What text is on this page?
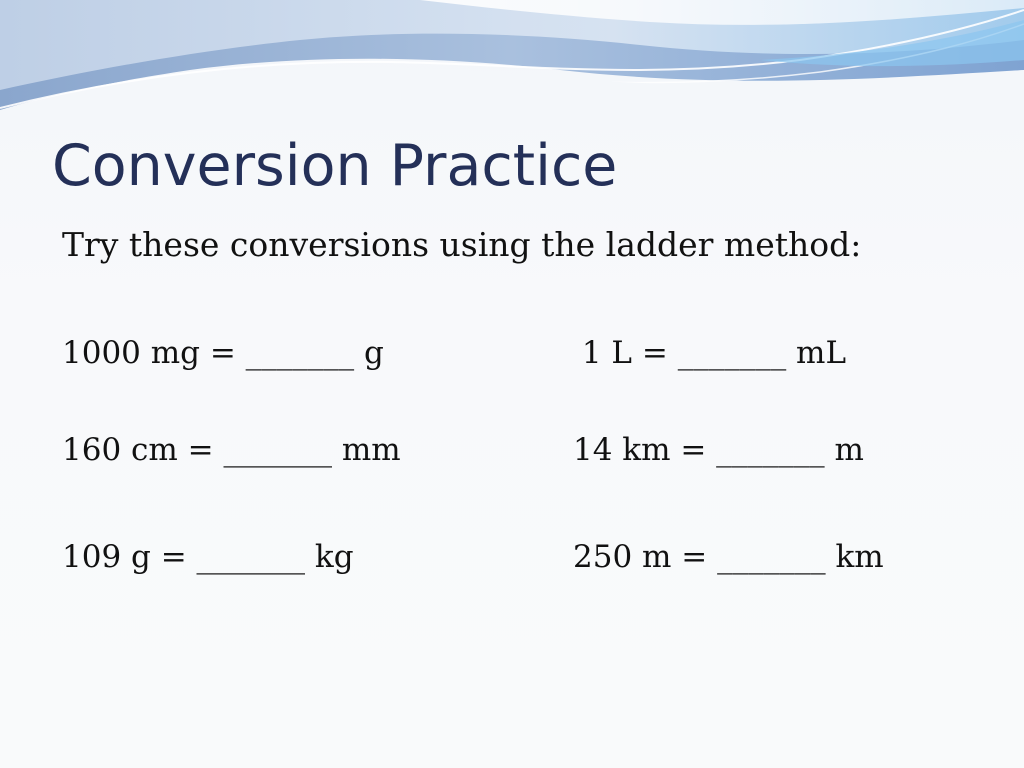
Conversion Practice
Try these conversions using the ladder method:
1000 mg = _______ g	1 L = _______ mL
160 cm = _______ mm	14 km = _______ m
109 g = _______ kg	250 m = _______ km
